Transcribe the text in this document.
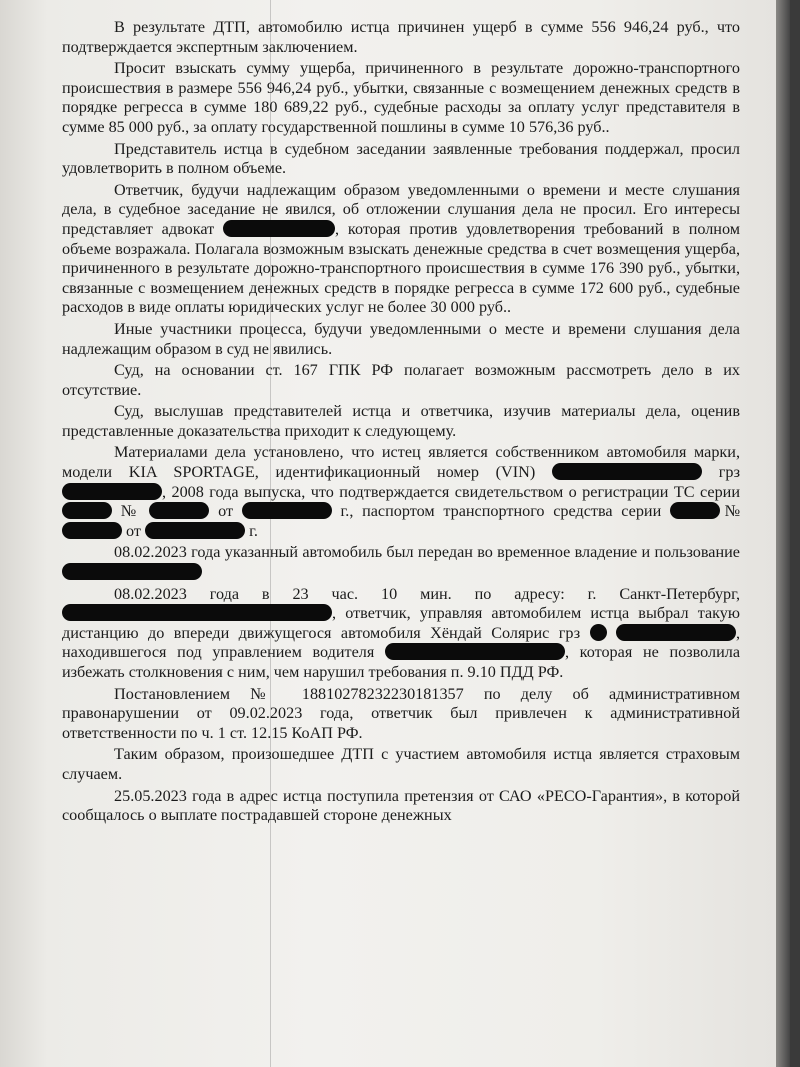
В результате ДТП, автомобилю истца причинен ущерб в сумме 556 946,24 руб., что подтверждается экспертным заключением.

Просит взыскать сумму ущерба, причиненного в результате дорожно-транспортного происшествия в размере 556 946,24 руб., убытки, связанные с возмещением денежных средств в порядке регресса в сумме 180 689,22 руб., судебные расходы за оплату услуг представителя в сумме 85 000 руб., за оплату государственной пошлины в сумме 10 576,36 руб..

Представитель истца в судебном заседании заявленные требования поддержал, просил удовлетворить в полном объеме.

Ответчик, будучи надлежащим образом уведомленными о времени и месте слушания дела, в судебное заседание не явился, об отложении слушания дела не просил. Его интересы представляет адвокат	, которая против удовлетворения требований в полном объеме возражала. Полагала возможным взыскать денежные средства в счет возмещения ущерба, причиненного в результате дорожно-транспортного происшествия в сумме 176 390 руб., убытки, связанные с возмещением денежных средств в порядке регресса в сумме 172 600 руб., судебные расходов в виде оплаты юридических услуг не более 30 000 руб..

Иные участники процесса, будучи уведомленными о месте и времени слушания дела надлежащим образом в суд не явились.

Суд, на основании ст. 167 ГПК РФ полагает возможным рассмотреть дело в их отсутствие.

Суд, выслушав представителей истца и ответчика, изучив материалы дела, оценив представленные доказательства приходит к следующему.

Материалами дела установлено, что истец является собственником автомобиля марки, модели KIA SPORTAGE, идентификационный номер (VIN)	грз , 2008 года выпуска, что подтверждается свидетельством о регистрации ТС серии  №	от	г., паспортом транспортного средства серии	№  от	г.

08.02.2023 года указанный автомобиль был передан во временное владение и пользование

08.02.2023 года в 23 час. 10 мин. по адресу: г. Санкт-Петербург, , ответчик, управляя автомобилем истца выбрал такую дистанцию до впереди движущегося автомобиля Хёндай Солярис грз	, находившегося под управлением водителя	, которая не позволила избежать столкновения с ним, чем нарушил требования п. 9.10 ПДД РФ.

Постановлением № 18810278232230181357 по делу об административном правонарушении от 09.02.2023 года, ответчик был привлечен к административной ответственности по ч. 1 ст. 12.15 КоАП РФ.

Таким образом, произошедшее ДТП с участием автомобиля истца является страховым случаем.

25.05.2023 года в адрес истца поступила претензия от САО «РЕСО-Гарантия», в которой сообщалось о выплате пострадавшей стороне денежных
